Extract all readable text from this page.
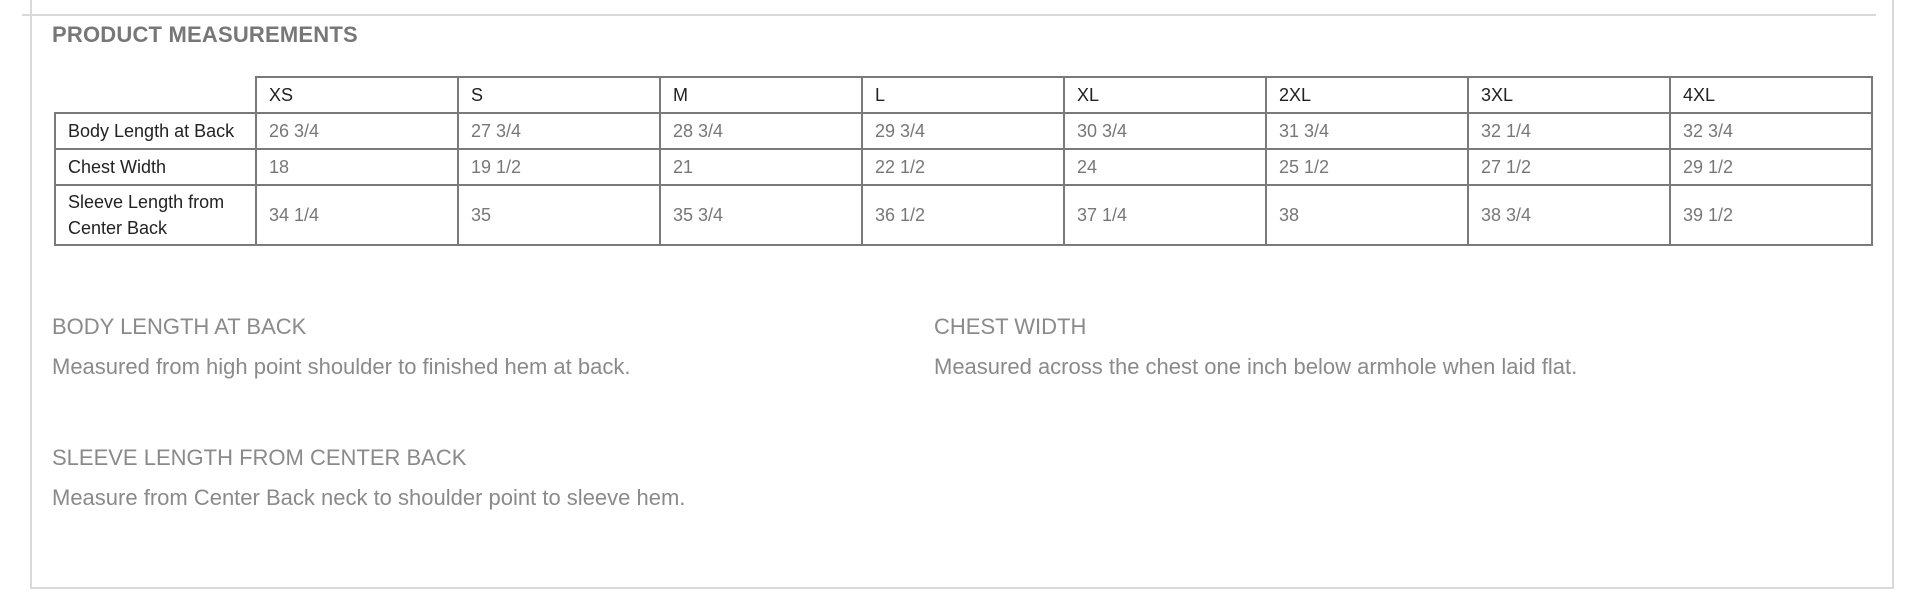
PRODUCT MEASUREMENTS
	XS	S	M	L	XL	2XL	3XL	4XL
Body Length at Back	26 3/4	27 3/4	28 3/4	29 3/4	30 3/4	31 3/4	32 1/4	32 3/4
Chest Width	18	19 1/2	21	22 1/2	24	25 1/2	27 1/2	29 1/2
Sleeve Length from
Center Back	34 1/4	35	35 3/4	36 1/2	37 1/4	38	38 3/4	39 1/2
BODY LENGTH AT BACK
Measured from high point shoulder to finished hem at back.
CHEST WIDTH
Measured across the chest one inch below armhole when laid flat.
SLEEVE LENGTH FROM CENTER BACK
Measure from Center Back neck to shoulder point to sleeve hem.
